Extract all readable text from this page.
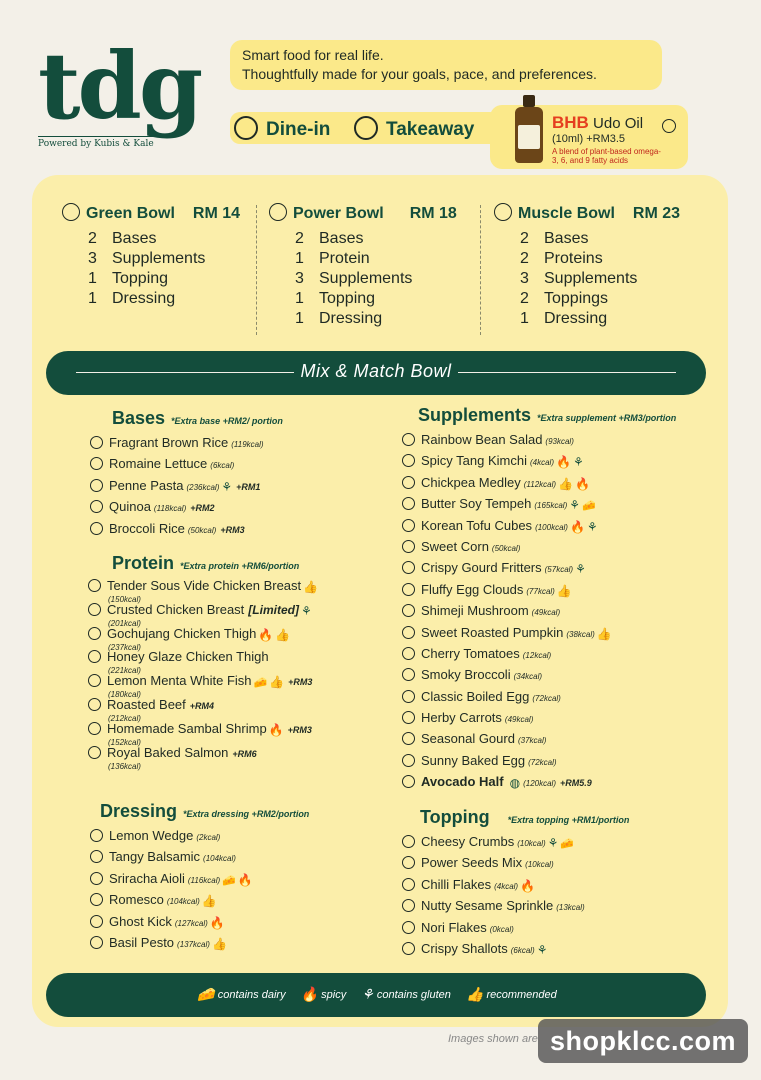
tdg
Powered by Kubis & Kale
Smart food for real life.
Thoughtfully made for your goals, pace, and preferences.
Dine-in	Takeaway	BHB Udo Oil
(10ml) +RM3.5
A blend of plant-based omega-3, 6, and 9 fatty acids
Green Bowl RM 14
2 Bases
3 Supplements
1 Topping
1 Dressing
Power Bowl RM 18
2 Bases
1 Protein
3 Supplements
1 Topping
1 Dressing
Muscle Bowl RM 23
2 Bases
2 Proteins
3 Supplements
2 Toppings
1 Dressing
Mix & Match Bowl
Bases *Extra base +RM2/ portion
Fragrant Brown Rice (119kcal)
Romaine Lettuce (6kcal)
Penne Pasta (236kcal) ⚘ +RM1
Quinoa (118kcal) +RM2
Broccoli Rice (50kcal) +RM3
Protein *Extra protein +RM6/portion
Tender Sous Vide Chicken Breast 👍
(150kcal)
Crusted Chicken Breast [Limited] ⚘
(201kcal)
Gochujang Chicken Thigh 🔥 👍
(237kcal)
Honey Glaze Chicken Thigh
(221kcal)
Lemon Menta White Fish 🧀 👍 +RM3
(180kcal)
Roasted Beef +RM4
(212kcal)
Homemade Sambal Shrimp 🔥 +RM3
(152kcal)
Royal Baked Salmon +RM6
(136kcal)
Dressing *Extra dressing +RM2/portion
Lemon Wedge (2kcal)
Tangy Balsamic (104kcal)
Sriracha Aioli (116kcal) 🧀 🔥
Romesco (104kcal) 👍
Ghost Kick (127kcal) 🔥
Basil Pesto (137kcal) 👍
Supplements *Extra supplement +RM3/portion
Rainbow Bean Salad (93kcal)
Spicy Tang Kimchi (4kcal) 🔥 ⚘
Chickpea Medley (112kcal) 👍 🔥
Butter Soy Tempeh (165kcal) ⚘ 🧀
Korean Tofu Cubes (100kcal) 🔥 ⚘
Sweet Corn (50kcal)
Crispy Gourd Fritters (57kcal) ⚘
Fluffy Egg Clouds (77kcal) 👍
Shimeji Mushroom (49kcal)
Sweet Roasted Pumpkin (38kcal) 👍
Cherry Tomatoes (12kcal)
Smoky Broccoli (34kcal)
Classic Boiled Egg (72kcal)
Herby Carrots (49kcal)
Seasonal Gourd (37kcal)
Sunny Baked Egg (72kcal)
Avocado Half ◍ (120kcal) +RM5.9
Topping *Extra topping +RM1/portion
Cheesy Crumbs (10kcal) ⚘ 🧀
Power Seeds Mix (10kcal)
Chilli Flakes (4kcal) 🔥
Nutty Sesame Sprinkle (13kcal)
Nori Flakes (0kcal)
Crispy Shallots (6kcal) ⚘
🧀 contains dairy 🔥 spicy ⚘ contains gluten 👍 recommended
Images shown are shopklcc.com
